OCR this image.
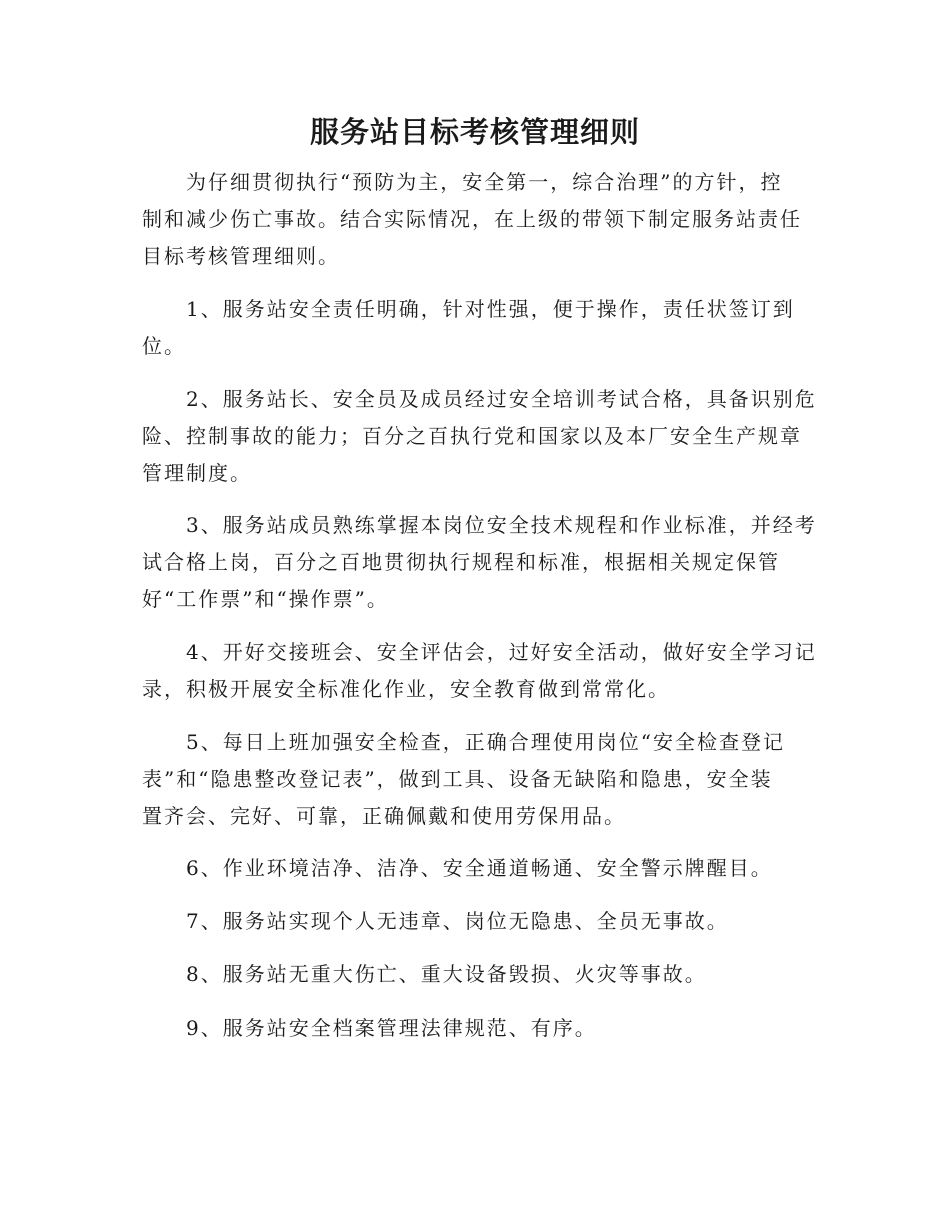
服务站目标考核管理细则
为仔细贯彻执行“预防为主，安全第一，综合治理”的方针，控
制和减少伤亡事故。结合实际情况，在上级的带领下制定服务站责任
目标考核管理细则。
1、服务站安全责任明确，针对性强，便于操作，责任状签订到
位。
2、服务站长、安全员及成员经过安全培训考试合格，具备识别危
险、控制事故的能力；百分之百执行党和国家以及本厂安全生产规章
管理制度。
3、服务站成员熟练掌握本岗位安全技术规程和作业标准，并经考
试合格上岗，百分之百地贯彻执行规程和标准，根据相关规定保管
好“工作票”和“操作票”。
4、开好交接班会、安全评估会，过好安全活动，做好安全学习记
录，积极开展安全标准化作业，安全教育做到常常化。
5、每日上班加强安全检查，正确合理使用岗位“安全检查登记
表”和“隐患整改登记表”，做到工具、设备无缺陷和隐患，安全装
置齐会、完好、可靠，正确佩戴和使用劳保用品。
6、作业环境洁净、洁净、安全通道畅通、安全警示牌醒目。
7、服务站实现个人无违章、岗位无隐患、全员无事故。
8、服务站无重大伤亡、重大设备毁损、火灾等事故。
9、服务站安全档案管理法律规范、有序。
